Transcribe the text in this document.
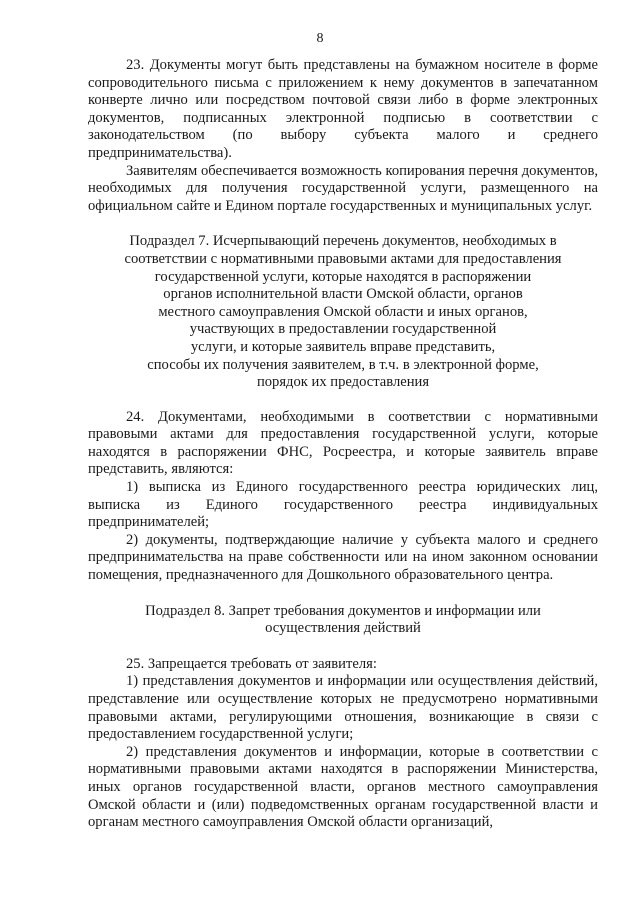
8

23. Документы могут быть представлены на бумажном носителе в форме сопроводительного письма с приложением к нему документов в запечатанном конверте лично или посредством почтовой связи либо в форме электронных документов, подписанных электронной подписью в соответствии с законодательством (по выбору субъекта малого и среднего предпринимательства).

Заявителям обеспечивается возможность копирования перечня документов, необходимых для получения государственной услуги, размещенного на официальном сайте и Едином портале государственных и муниципальных услуг.

Подраздел 7. Исчерпывающий перечень документов, необходимых в
соответствии с нормативными правовыми актами для предоставления
государственной услуги, которые находятся в распоряжении
органов исполнительной власти Омской области, органов
местного самоуправления Омской области и иных органов,
участвующих в предоставлении государственной
услуги, и которые заявитель вправе представить,
способы их получения заявителем, в т.ч. в электронной форме,
порядок их предоставления

24. Документами, необходимыми в соответствии с нормативными правовыми актами для предоставления государственной услуги, которые находятся в распоряжении ФНС, Росреестра, и которые заявитель вправе представить, являются:

1) выписка из Единого государственного реестра юридических лиц, выписка из Единого государственного реестра индивидуальных предпринимателей;

2) документы, подтверждающие наличие у субъекта малого и среднего предпринимательства на праве собственности или на ином законном основании помещения, предназначенного для Дошкольного образовательного центра.

Подраздел 8. Запрет требования документов и информации или
осуществления действий

25. Запрещается требовать от заявителя:

1) представления документов и информации или осуществления действий, представление или осуществление которых не предусмотрено нормативными правовыми актами, регулирующими отношения, возникающие в связи с предоставлением государственной услуги;

2) представления документов и информации, которые в соответствии с нормативными правовыми актами находятся в распоряжении Министерства, иных органов государственной власти, органов местного самоуправления Омской области и (или) подведомственных органам государственной власти и органам местного самоуправления Омской области организаций,
